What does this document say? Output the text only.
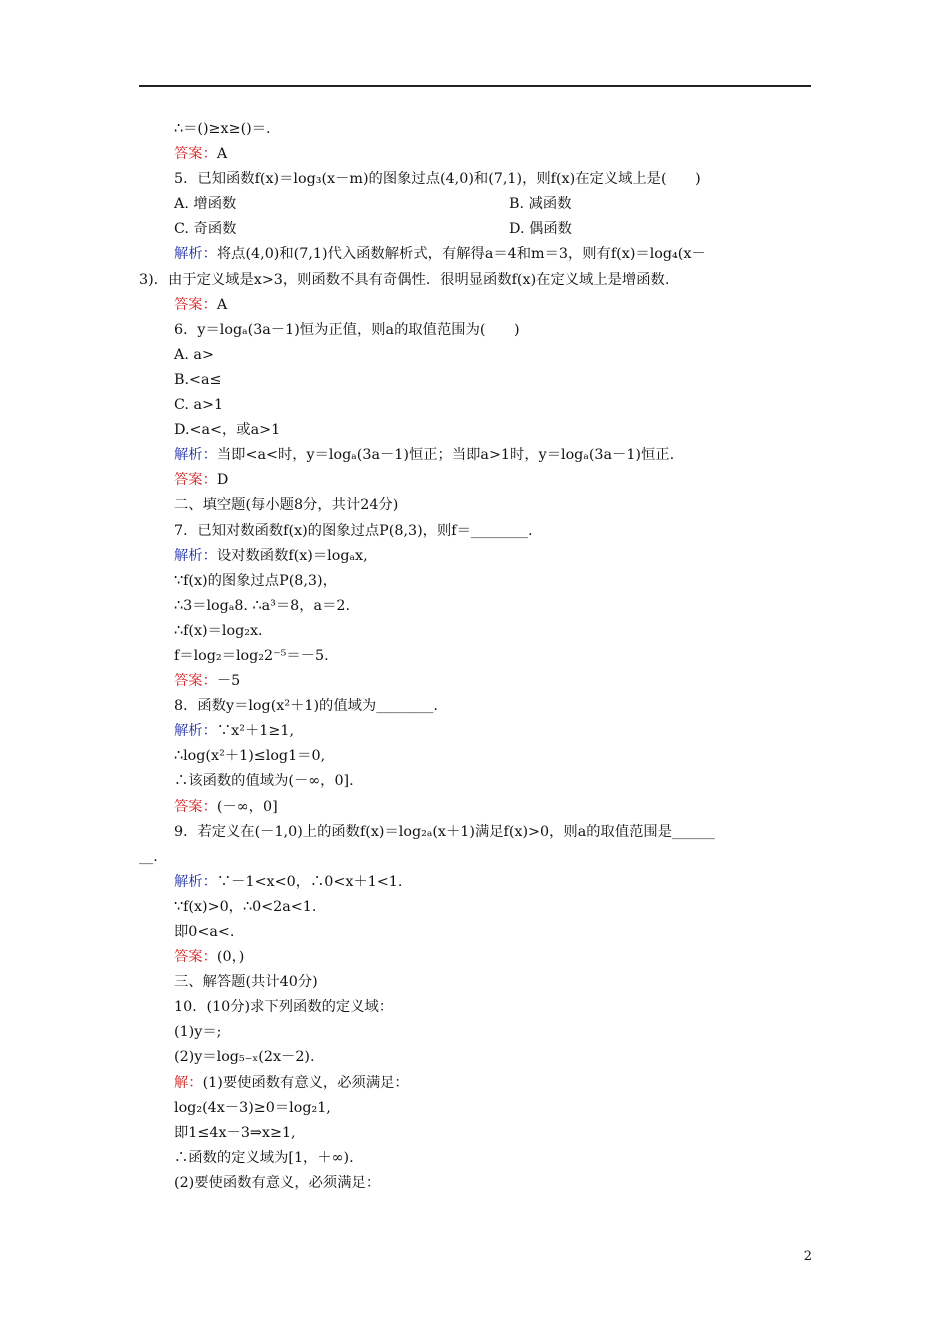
∴＝()≥x≥()＝.
答案：A
5．已知函数f(x)＝log₃(x－m)的图象过点(4,0)和(7,1)，则f(x)在定义域上是(　　)
A. 增函数	B. 减函数
C. 奇函数	D. 偶函数
解析：将点(4,0)和(7,1)代入函数解析式，有解得a＝4和m＝3，则有f(x)＝log₄(x－
3)．由于定义域是x>3，则函数不具有奇偶性．很明显函数f(x)在定义域上是增函数.
答案：A
6．y＝logₐ(3a－1)恒为正值，则a的取值范围为(　　)
A. a>
B.<a≤
C. a>1
D.<a<，或a>1
解析：当即<a<时，y＝logₐ(3a－1)恒正；当即a>1时，y＝logₐ(3a－1)恒正.
答案：D
二、填空题(每小题8分，共计24分)
7．已知对数函数f(x)的图象过点P(8,3)，则f＝________.
解析：设对数函数f(x)＝logₐx,
∵f(x)的图象过点P(8,3)，
∴3＝logₐ8. ∴a³＝8，a＝2.
∴f(x)＝log₂x.
f＝log₂＝log₂2⁻⁵＝－5.
答案：－5
8．函数y＝log(x²＋1)的值域为________.
解析：∵x²＋1≥1,
∴log(x²＋1)≤log1＝0,
∴该函数的值域为(－∞，0].
答案：(－∞，0]
9．若定义在(－1,0)上的函数f(x)＝log₂ₐ(x＋1)满足f(x)>0，则a的取值范围是______
__.
解析：∵－1<x<0，∴0<x＋1<1.
∵f(x)>0，∴0<2a<1.
即0<a<.
答案：(0，)
三、解答题(共计40分)
10．(10分)求下列函数的定义域：
(1)y＝;
(2)y＝log₅₋ₓ(2x－2).
解：(1)要使函数有意义，必须满足：
log₂(4x－3)≥0＝log₂1,
即1≤4x－3⇒x≥1,
∴函数的定义域为[1，＋∞).
(2)要使函数有意义，必须满足：
2
